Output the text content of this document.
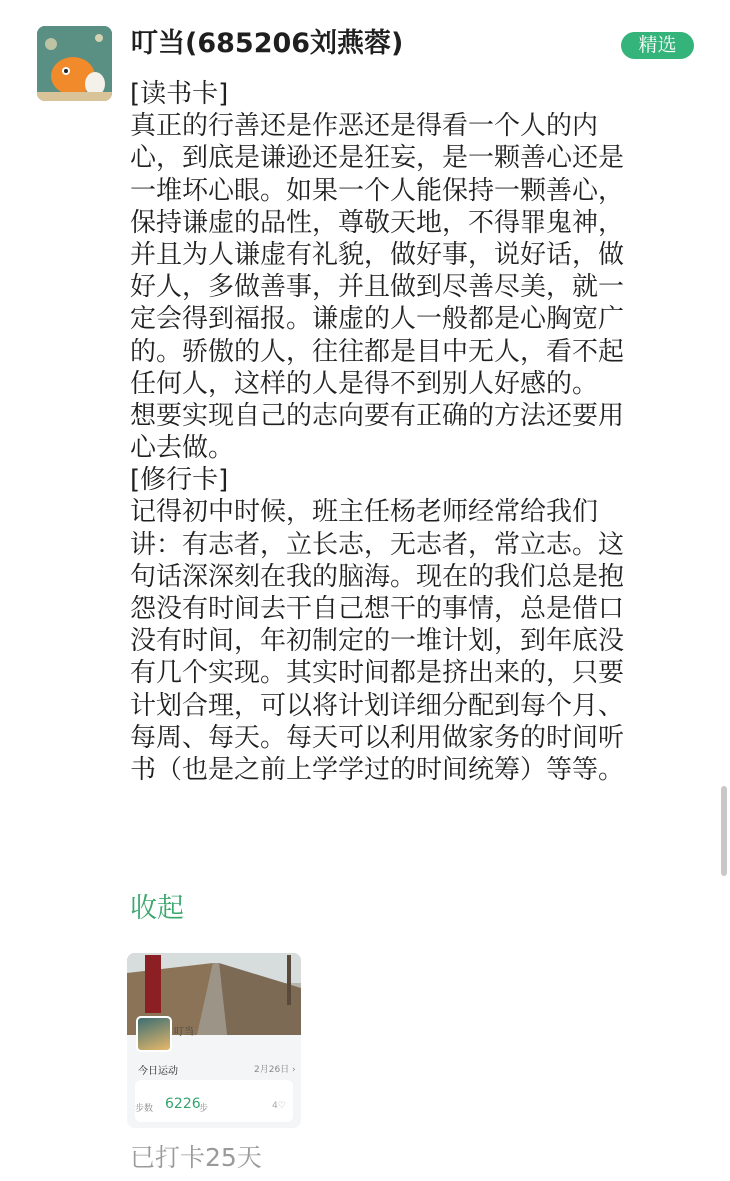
叮当(685206刘燕蓉)	精选
[读书卡]
真正的行善还是作恶还是得看一个人的内
心，到底是谦逊还是狂妄，是一颗善心还是
一堆坏心眼。如果一个人能保持一颗善心，
保持谦虚的品性，尊敬天地，不得罪鬼神，
并且为人谦虚有礼貌，做好事，说好话，做
好人，多做善事，并且做到尽善尽美，就一
定会得到福报。谦虚的人一般都是心胸宽广
的。骄傲的人，往往都是目中无人，看不起
任何人，这样的人是得不到别人好感的。
想要实现自己的志向要有正确的方法还要用
心去做。
[修行卡]
记得初中时候，班主任杨老师经常给我们
讲：有志者，立长志，无志者，常立志。这
句话深深刻在我的脑海。现在的我们总是抱
怨没有时间去干自己想干的事情，总是借口
没有时间，年初制定的一堆计划，到年底没
有几个实现。其实时间都是挤出来的，只要
计划合理，可以将计划详细分配到每个月、
每周、每天。每天可以利用做家务的时间听
书（也是之前上学学过的时间统筹）等等。
收起
叮当
今日运动	2月26日 ›
步数 6226
步	4♡
已打卡25天
